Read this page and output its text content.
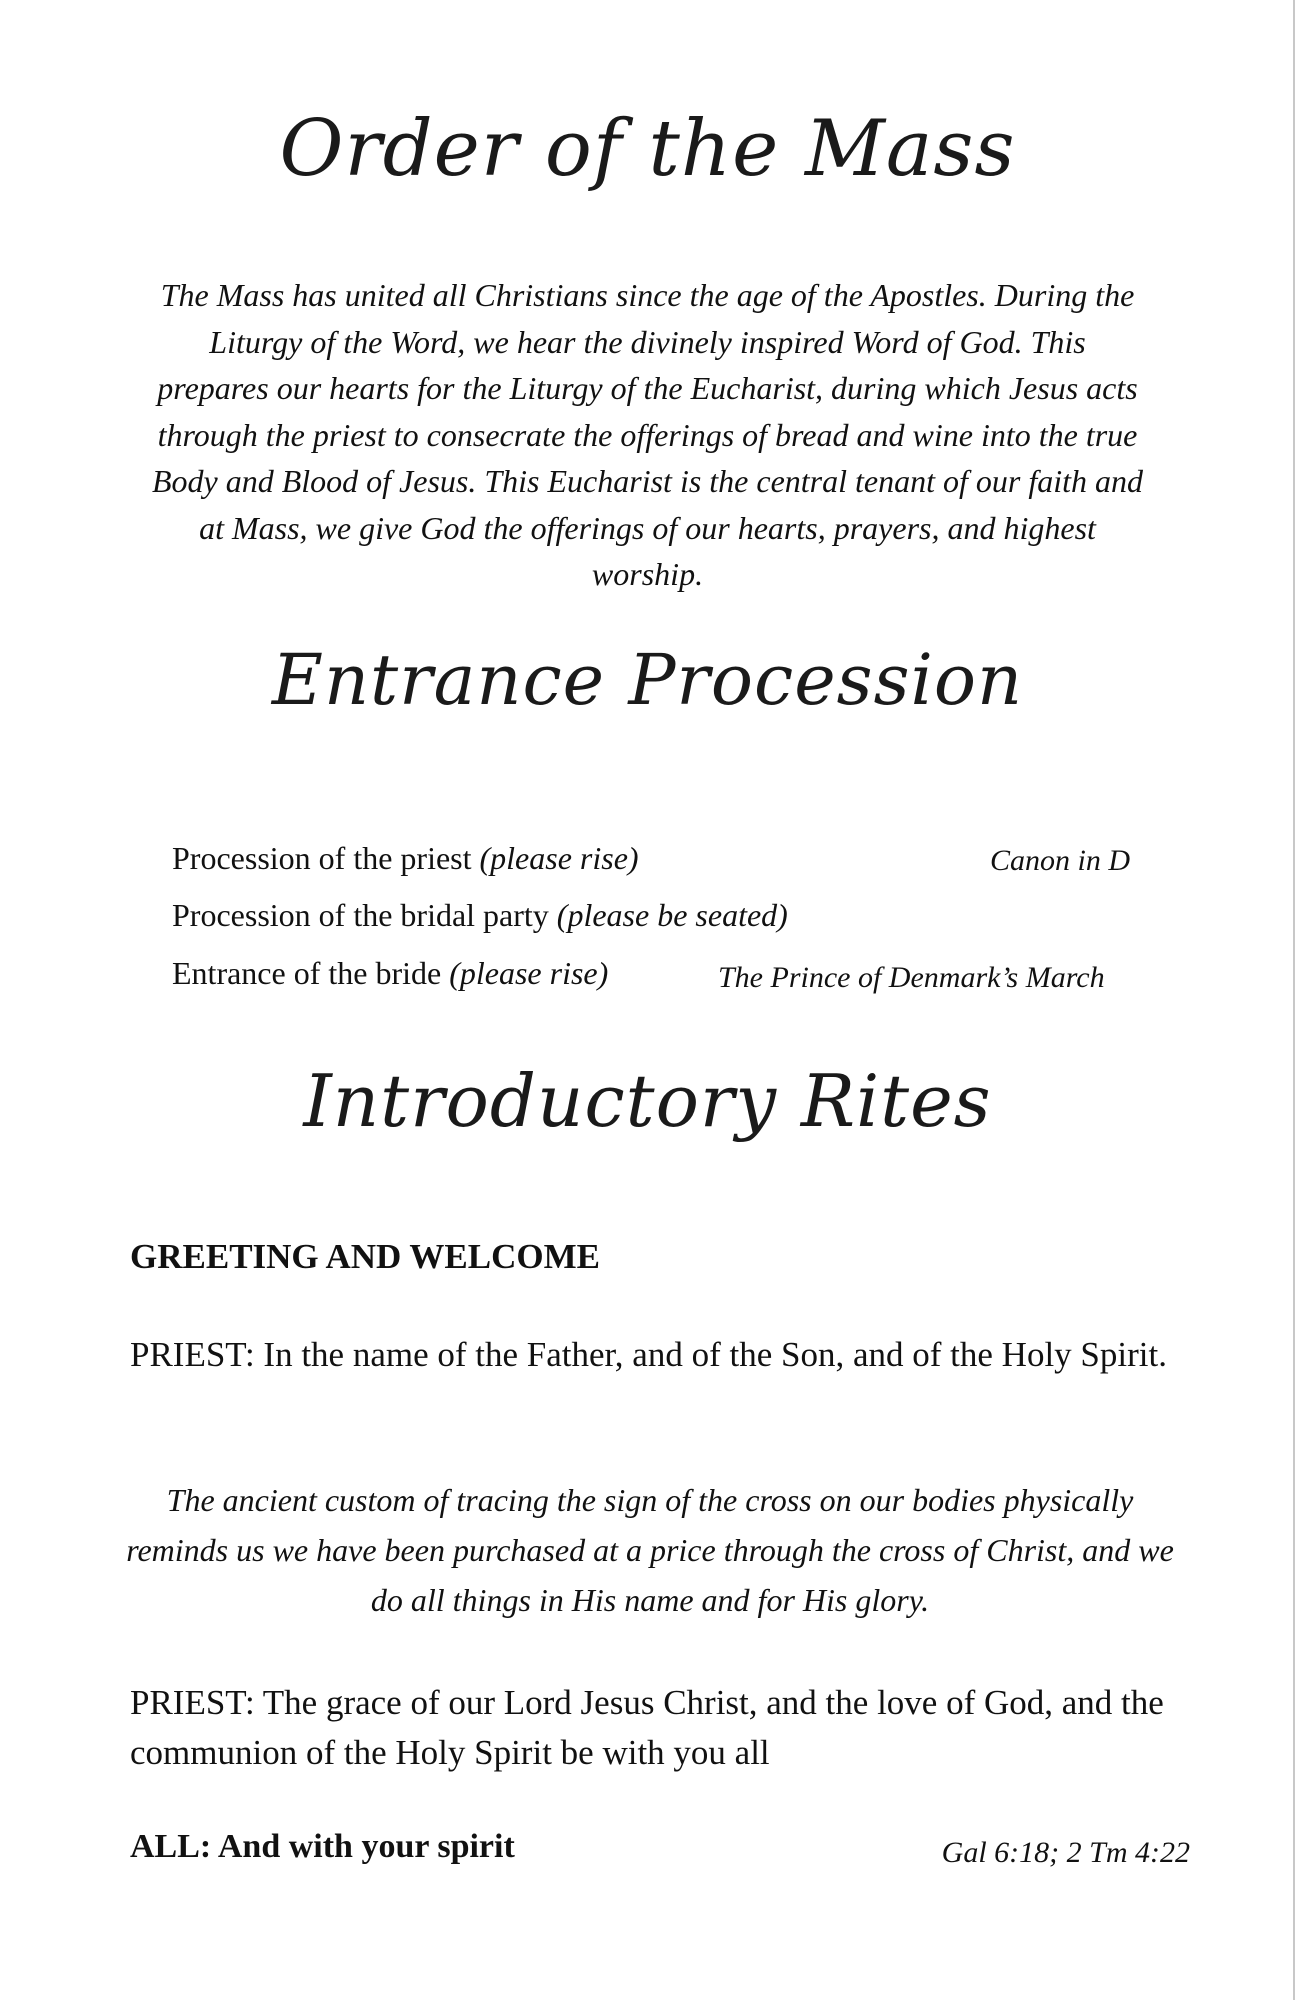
Order of the Mass

The Mass has united all Christians since the age of the Apostles. During the Liturgy of the Word, we hear the divinely inspired Word of God. This prepares our hearts for the Liturgy of the Eucharist, during which Jesus acts through the priest to consecrate the offerings of bread and wine into the true Body and Blood of Jesus. This Eucharist is the central tenant of our faith and at Mass, we give God the offerings of our hearts, prayers, and highest worship.

Entrance Procession
Procession of the priest (please rise)	Canon in D
Procession of the bridal party (please be seated)
Entrance of the bride (please rise)	The Prince of Denmark’s March
Introductory Rites

GREETING AND WELCOME

PRIEST: In the name of the Father, and of the Son, and of the Holy Spirit.

The ancient custom of tracing the sign of the cross on our bodies physically reminds us we have been purchased at a price through the cross of Christ, and we do all things in His name and for His glory.

PRIEST: The grace of our Lord Jesus Christ, and the love of God, and the communion of the Holy Spirit be with you all

ALL: And with your spirit	Gal 6:18; 2 Tm 4:22
